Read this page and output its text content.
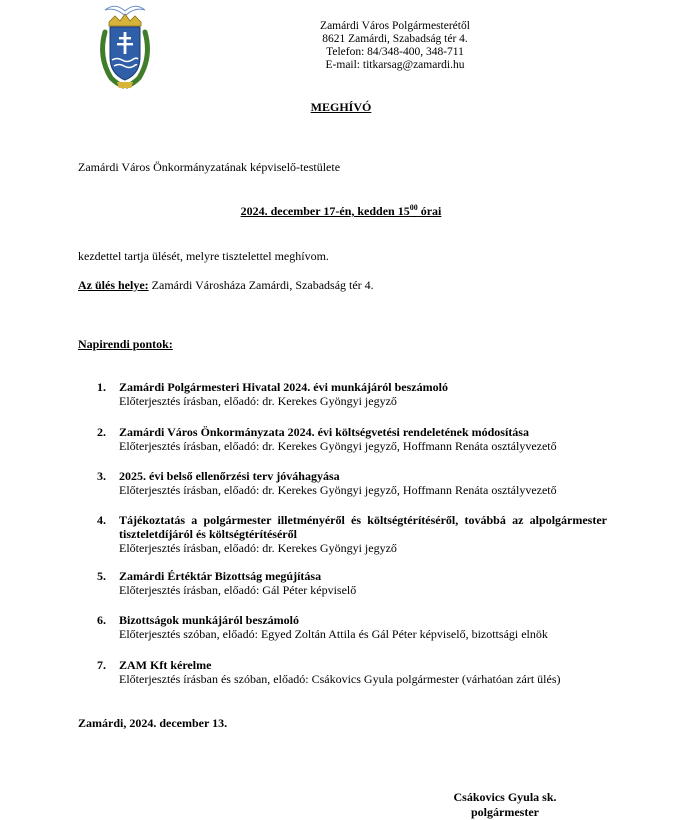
Zamárdi Város Polgármesterétől
8621 Zamárdi, Szabadság tér 4.
Telefon: 84/348-400, 348-711
E-mail: titkarsag@zamardi.hu
MEGHÍVÓ
Zamárdi Város Önkormányzatának képviselő-testülete
2024. december 17-én, kedden $15^{00}$ órai
kezdettel tartja ülését, melyre tisztelettel meghívom.
Az ülés helye: Zamárdi Városháza Zamárdi, Szabadság tér 4.
Napirendi pontok:
1. Zamárdi Polgármesteri Hivatal 2024. évi munkájáról beszámoló
Előterjesztés írásban, előadó: dr. Kerekes Gyöngyi jegyző
2. Zamárdi Város Önkormányzata 2024. évi költségvetési rendeletének módosítása
Előterjesztés írásban, előadó: dr. Kerekes Gyöngyi jegyző, Hoffmann Renáta osztályvezető
3. 2025. évi belső ellenőrzési terv jóváhagyása
Előterjesztés írásban, előadó: dr. Kerekes Gyöngyi jegyző, Hoffmann Renáta osztályvezető
4. Tájékoztatás a polgármester illetményéről és költségtérítéséről, továbbá az alpolgármester tiszteletdíjáról és költségtérítéséről
Előterjesztés írásban, előadó: dr. Kerekes Gyöngyi jegyző
5. Zamárdi Értéktár Bizottság megújítása
Előterjesztés írásban, előadó: Gál Péter képviselő
6. Bizottságok munkájáról beszámoló
Előterjesztés szóban, előadó: Egyed Zoltán Attila és Gál Péter képviselő, bizottsági elnök
7. ZAM Kft kérelme
Előterjesztés írásban és szóban, előadó: Csákovics Gyula polgármester (várhatóan zárt ülés)
Zamárdi, 2024. december 13.
Csákovics Gyula sk.
polgármester
